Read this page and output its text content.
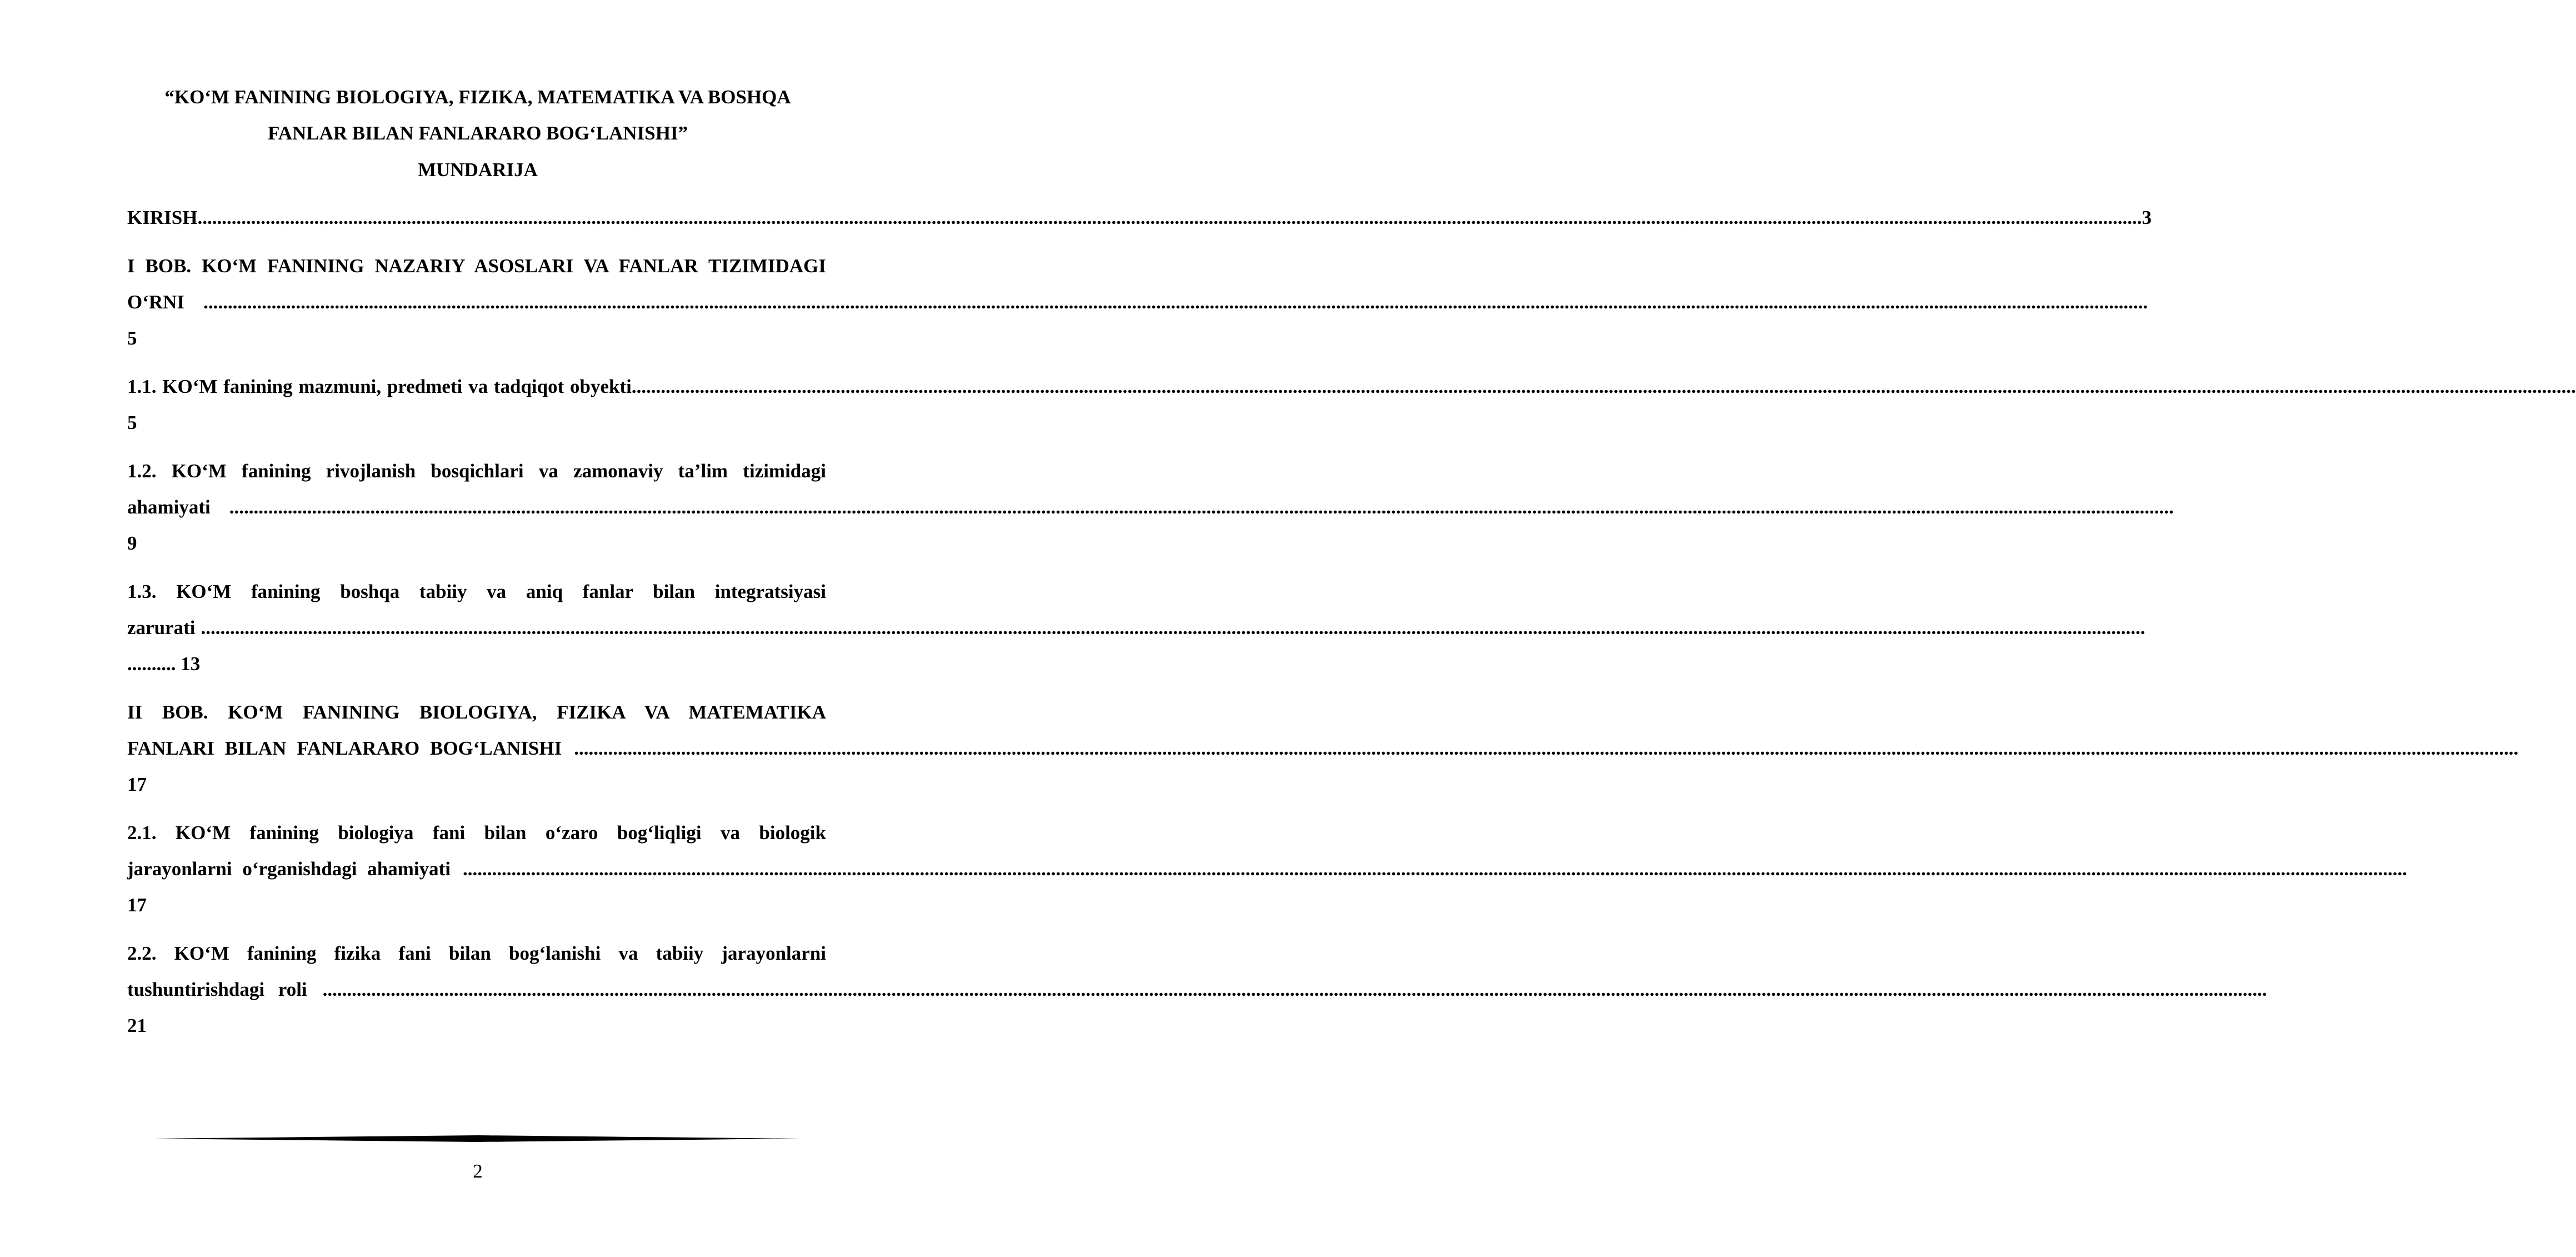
“KO‘M FANINING BIOLOGIYA, FIZIKA, MATEMATIKA VA BOSHQA
FANLAR BILAN FANLARARO BOG‘LANISHI”
MUNDARIJA
KIRISH ................................................................................................................................................................................................................................................................................................................................................................................................................ 3
I BOB. KO‘M FANINING NAZARIY ASOSLARI VA FANLAR TIZIMIDAGI
O‘RNI ................................................................................................................................................................................................................................................................................................................................................................................................................
5
1.1. KO‘M fanining mazmuni, predmeti va tadqiqot obyekti ................................................................................................................................................................................................................................................................................................................................................................................................................
5
1.2. KO‘M fanining rivojlanish bosqichlari va zamonaviy ta’lim tizimidagi
ahamiyati ................................................................................................................................................................................................................................................................................................................................................................................................................
9
1.3. KO‘M fanining boshqa tabiiy va aniq fanlar bilan integratsiyasi
zarurati ................................................................................................................................................................................................................................................................................................................................................................................................................
.......... 13
II BOB. KO‘M FANINING BIOLOGIYA, FIZIKA VA MATEMATIKA
FANLARI BILAN FANLARARO BOG‘LANISHI ................................................................................................................................................................................................................................................................................................................................................................................................................
17
2.1. KO‘M fanining biologiya fani bilan o‘zaro bog‘liqligi va biologik
jarayonlarni o‘rganishdagi ahamiyati ................................................................................................................................................................................................................................................................................................................................................................................................................
17
2.2. KO‘M fanining fizika fani bilan bog‘lanishi va tabiiy jarayonlarni
tushuntirishdagi roli ................................................................................................................................................................................................................................................................................................................................................................................................................
21
2
